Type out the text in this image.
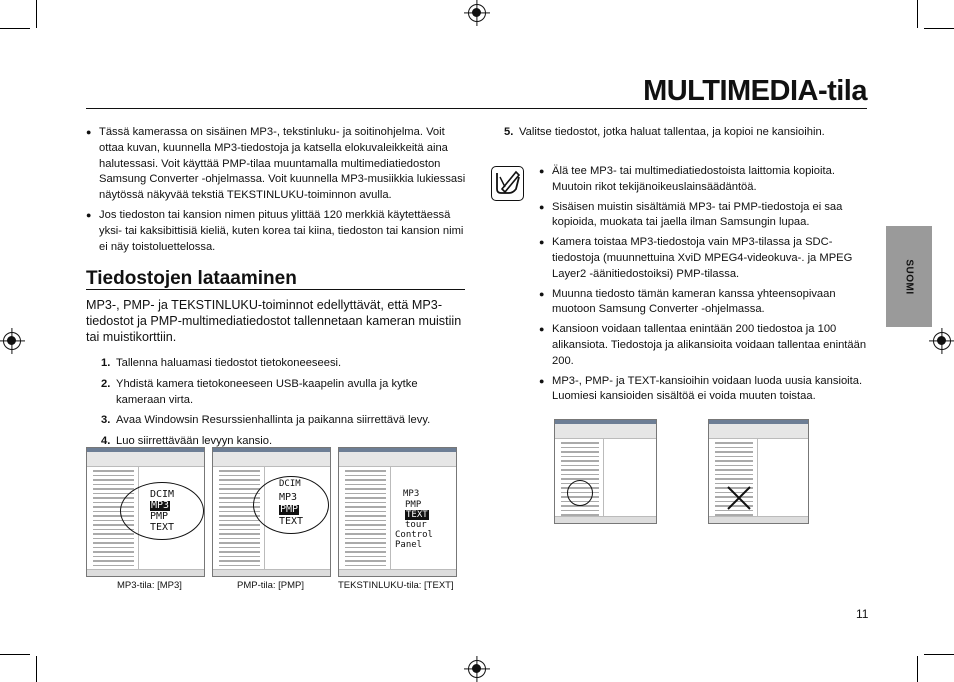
MULTIMEDIA-tila
SUOMI
● Tässä kamerassa on sisäinen MP3-, tekstinluku- ja soitinohjelma. Voit ottaa kuvan, kuunnella MP3-tiedostoja ja katsella elokuvaleikkeitä aina halutessasi. Voit käyttää PMP-tilaa muuntamalla multimediatiedoston Samsung Converter -ohjelmassa. Voit kuunnella MP3-musiikkia lukiessasi näytössä näkyvää tekstiä TEKSTINLUKU-toiminnon avulla.
● Jos tiedoston tai kansion nimen pituus ylittää 120 merkkiä käytettäessä yksi- tai kaksibittisiä kieliä, kuten korea tai kiina, tiedoston tai kansion nimi ei näy toistoluettelossa.
Tiedostojen lataaminen
MP3-, PMP- ja TEKSTINLUKU-toiminnot edellyttävät, että MP3-tiedostot ja PMP-multimediatiedostot tallennetaan kameran muistiin tai muistikorttiin.
1. Tallenna haluamasi tiedostot tietokoneeseesi.
2. Yhdistä kamera tietokoneeseen USB-kaapelin avulla ja kytke kameraan virta.
3. Avaa Windowsin Resurssienhallinta ja paikanna siirrettävä levy.
4. Luo siirrettävään levyyn kansio.
DCIM
MP3
PMP
TEXT
MP3-tila: [MP3]
DCIM
MP3
PMP
TEXT
PMP-tila: [PMP]
MP3
PMP
TEXT
tour
Control Panel
TEKSTINLUKU-tila: [TEXT]
5. Valitse tiedostot, jotka haluat tallentaa, ja kopioi ne kansioihin.
● Älä tee MP3- tai multimediatiedostoista laittomia kopioita. Muutoin rikot tekijänoikeuslainsäädäntöä.
● Sisäisen muistin sisältämiä MP3- tai PMP-tiedostoja ei saa kopioida, muokata tai jaella ilman Samsungin lupaa.
● Kamera toistaa MP3-tiedostoja vain MP3-tilassa ja SDC-tiedostoja (muunnettuina XviD MPEG4-videokuva-. ja MPEG Layer2 -äänitiedostoiksi) PMP-tilassa.
● Muunna tiedosto tämän kameran kanssa yhteensopivaan muotoon Samsung Converter -ohjelmassa.
● Kansioon voidaan tallentaa enintään 200 tiedostoa ja 100 alikansiota. Tiedostoja ja alikansioita voidaan tallentaa enintään 200.
● MP3-, PMP- ja TEXT-kansioihin voidaan luoda uusia kansioita. Luomiesi kansioiden sisältöä ei voida muuten toistaa.
11
